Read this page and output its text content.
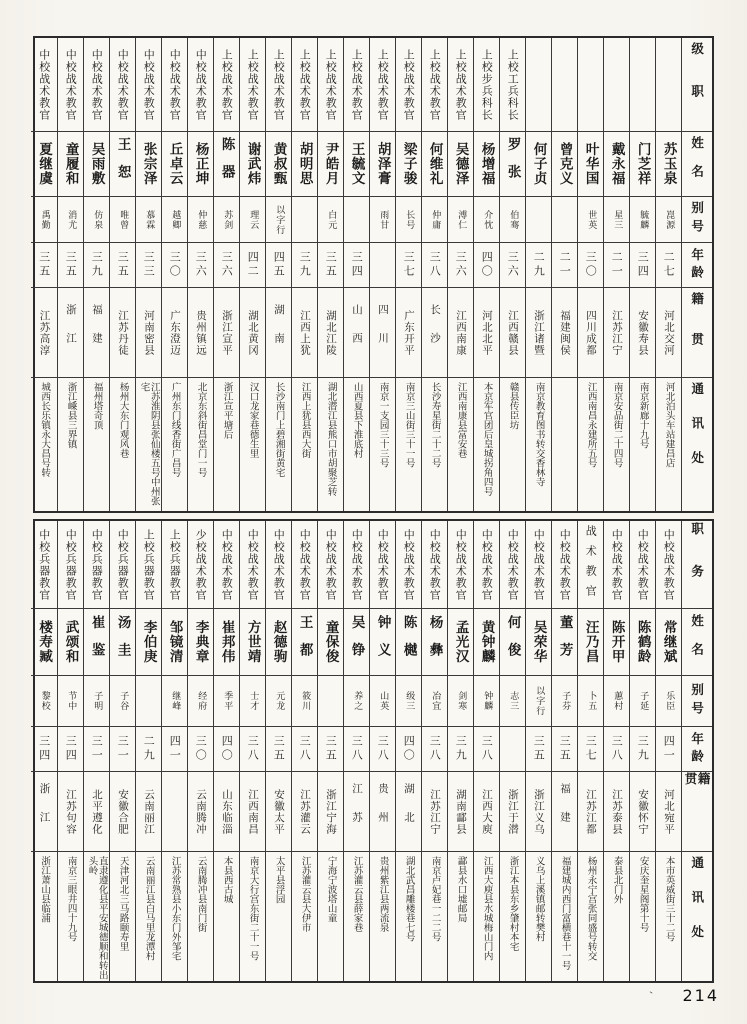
级职
姓名
别号
年龄
籍贯
通讯处
苏玉泉
崑源
二七
河北交河
河北泊头车站建昌店
门芝祥
毓麟
三四
安徽寿县
南京新廊十九号
戴永福
星三
二一
江苏江宁
南京安品街二十四号
叶华国
世英
三〇
四川成都
江西南昌永建所五号
曾克义
二一
福建闽侯
何子贞
二九
浙江诸暨
南京教育图书转交香林寺
上校工兵科长
罗张
伯骞
三六
江西赣县
赣县传臣坊
上校步兵科长
杨增福
介忱
四〇
河北北平
本京军官团后皇城拐角四号
上校战术教官
吴德泽
溥仁
三六
江西南康
江西南康县富安巷
上校战术教官
何维礼
仲庸
三八
长沙
长沙寿星街二十二号
上校战术教官
梁子骏
长号
三七
广东开平
南京三山街三十一号
上校战术教官
胡泽膏
雨甘
四川
南京一支园三十三号
上校战术教官
王毓文
三四
山西
山西夏县下淮底村
上校战术教官
尹皓月
白元
三五
湖北江陵
湖北潜江县熊口市胡聚芝转
上校战术教官
胡明思
三九
江西上犹
江西上犹县西大街
上校战术教官
黄叔甄
以字行
四五
湖南
长沙南门上碧湘街黄宅
上校战术教官
谢武炜
理云
四二
湖北黄冈
汉口龙家巷德生里
上校战术教官
陈器
苏剑
三六
浙江宣平
浙江宣平塘后
中校战术教官
杨正坤
仲慈
三六
贵州镇远
北京东斜街昌堂门一号
中校战术教官
丘卓云
越卿
三〇
广东澄迈
广州东门线香街广昌号
中校战术教官
张宗泽
慕霖
三三
河南密县
江苏淮阴县张仙楼五号中州张宅
中校战术教官
王恕
唯曾
三五
江苏丹徒
杨州大东门观风巷
中校战术教官
吴雨敷
仿泉
三九
福建
福州塔奇顶
中校战术教官
童履和
消尤
三五
浙江
浙江嵊县三界镇
中校战术教官
夏继虞
禹勤
三五
江苏高淳
城西长乐镇永大昌号转
职务
姓名
别号
年龄
籍贯
通讯处
中校战术教官
常继斌
乐臣
四一
河北宛平
本市英威街三十二号
中校战术教官
陈鹤龄
子延
三九
安徽怀宁
安庆奎星阁第十号
中校战术教官
陈开甲
蕙村
三八
江苏泰县
泰县北门外
战术教官
汪乃昌
卜五
三七
江苏江都
杨州永宁宫张同盛号转交
中校战术教官
董芳
子芬
三五
福建
福建城内西门富横巷十一号
中校战术教官
吴荣华
以字行
三五
浙江义乌
义乌上溪镇邮转樊村
中校战术教官
何俊
志三
浙江于潜
浙江本县东乡肇村本宅
中校战术教官
黄钟麟
钟麟
三八
江西大庾
江西大庾县水城梅山门内
中校战术教官
孟光汉
剑寒
三九
湖南酃县
酃县水口墟邮局
中校战术教官
杨彝
冶宜
三八
江苏江宁
南京卢妃巷一二二号
中校战术教官
陈樾
级三
四〇
湖北
湖北武昌雕楼巷七号
中校战术教官
钟义
山英
三八
贵州
贵州紫江县两流泉
中校战术教官
吴铮
养之
三八
江苏
江苏灌云县薛家巷
中校战术教官
童保俊
三五
浙江宁海
宁海宁波塔山童
中校战术教官
王都
筱川
三八
江苏灌云
江苏灌云县大伊市
中校战术教官
赵德驹
元龙
三五
安徽太平
太平县浮园
中校战术教官
方世靖
士才
三八
江西南昌
南京大行宫东街二十一号
中校战术教官
崔邦伟
季平
四〇
山东临淄
本县西古城
少校战术教官
李典章
经府
三〇
云南腾冲
云南腾冲县南门街
上校兵器教官
邹镜清
继峰
四一
江苏常熟县小东门外邹宅
上校兵器教官
李伯庚
二九
云南丽江
云南丽江县白马里龙潭村
中校兵器教官
汤圭
子谷
三一
安徽合肥
天津河北三马路颐寿里
中校兵器教官
崔鉴
子明
三一
北平遵化
直隶遵化县平安城德顺和转出头岭
中校兵器教官
武颂和
节中
三四
江苏句容
南京三眼井四十九号
中校兵器教官
楼寿臧
黎校
三四
浙江
浙江萧山县临浦
ˋ 214
